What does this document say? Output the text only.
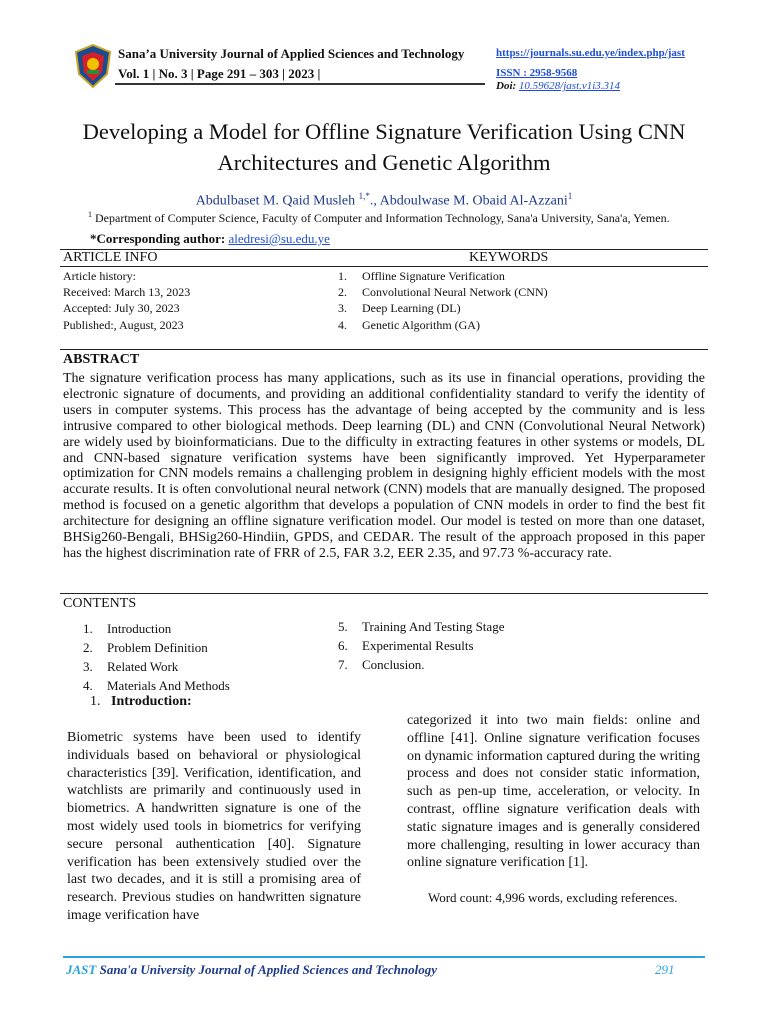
Sana’a University Journal of Applied Sciences and Technology
Vol. 1 | No. 3 | Page 291 – 303 | 2023 |
https://journals.su.edu.ye/index.php/jast
ISSN : 2958-9568
Doi: 10.59628/jast.v1i3.314
Developing a Model for Offline Signature Verification Using CNN
Architectures and Genetic Algorithm
Abdulbaset M. Qaid Musleh $^{1,*}$., Abdoulwase M. Obaid Al-Azzani$^1$
$^1$ Department of Computer Science, Faculty of Computer and Information Technology, Sana'a University, Sana'a, Yemen.
*Corresponding author: aledresi@su.edu.ye
ARTICLE INFO	KEYWORDS
Article history:
Received: March 13, 2023
Accepted: July 30, 2023
Published:, August, 2023
1.	Offline Signature Verification
2.	Convolutional Neural Network (CNN)
3.	Deep Learning (DL)
4.	Genetic Algorithm (GA)
ABSTRACT
The signature verification process has many applications, such as its use in financial operations, providing the electronic signature of documents, and providing an additional confidentiality standard to verify the identity of users in computer systems. This process has the advantage of being accepted by the community and is less intrusive compared to other biological methods. Deep learning (DL) and CNN (Convolutional Neural Network) are widely used by bioinformaticians. Due to the difficulty in extracting features in other systems or models, DL and CNN-based signature verification systems have been significantly improved. Yet Hyperparameter optimization for CNN models remains a challenging problem in designing highly efficient models with the most accurate results. It is often convolutional neural network (CNN) models that are manually designed. The proposed method is focused on a genetic algorithm that develops a population of CNN models in order to find the best fit architecture for designing an offline signature verification model. Our model is tested on more than one dataset, BHSig260-Bengali, BHSig260-Hindiin, GPDS, and CEDAR. The result of the approach proposed in this paper has the highest discrimination rate of FRR of 2.5, FAR 3.2, EER 2.35, and 97.73 %-accuracy rate.
CONTENTS
1.	Introduction
2.	Problem Definition
3.	Related Work
4.	Materials And Methods
5.	Training And Testing Stage
6.	Experimental Results
7.	Conclusion.
1. Introduction:
Biometric systems have been used to identify individuals based on behavioral or physiological characteristics [39]. Verification, identification, and watchlists are primarily and continuously used in biometrics. A handwritten signature is one of the most widely used tools in biometrics for verifying secure personal authentication [40]. Signature verification has been extensively studied over the last two decades, and it is still a promising area of research. Previous studies on handwritten signature image verification have
categorized it into two main fields: online and offline [41]. Online signature verification focuses on dynamic information captured during the writing process and does not consider static information, such as pen-up time, acceleration, or velocity. In contrast, offline signature verification deals with static signature images and is generally considered more challenging, resulting in lower accuracy than online signature verification [1].
Word count: 4,996 words, excluding references.
JAST Sana'a University Journal of Applied Sciences and Technology	291
